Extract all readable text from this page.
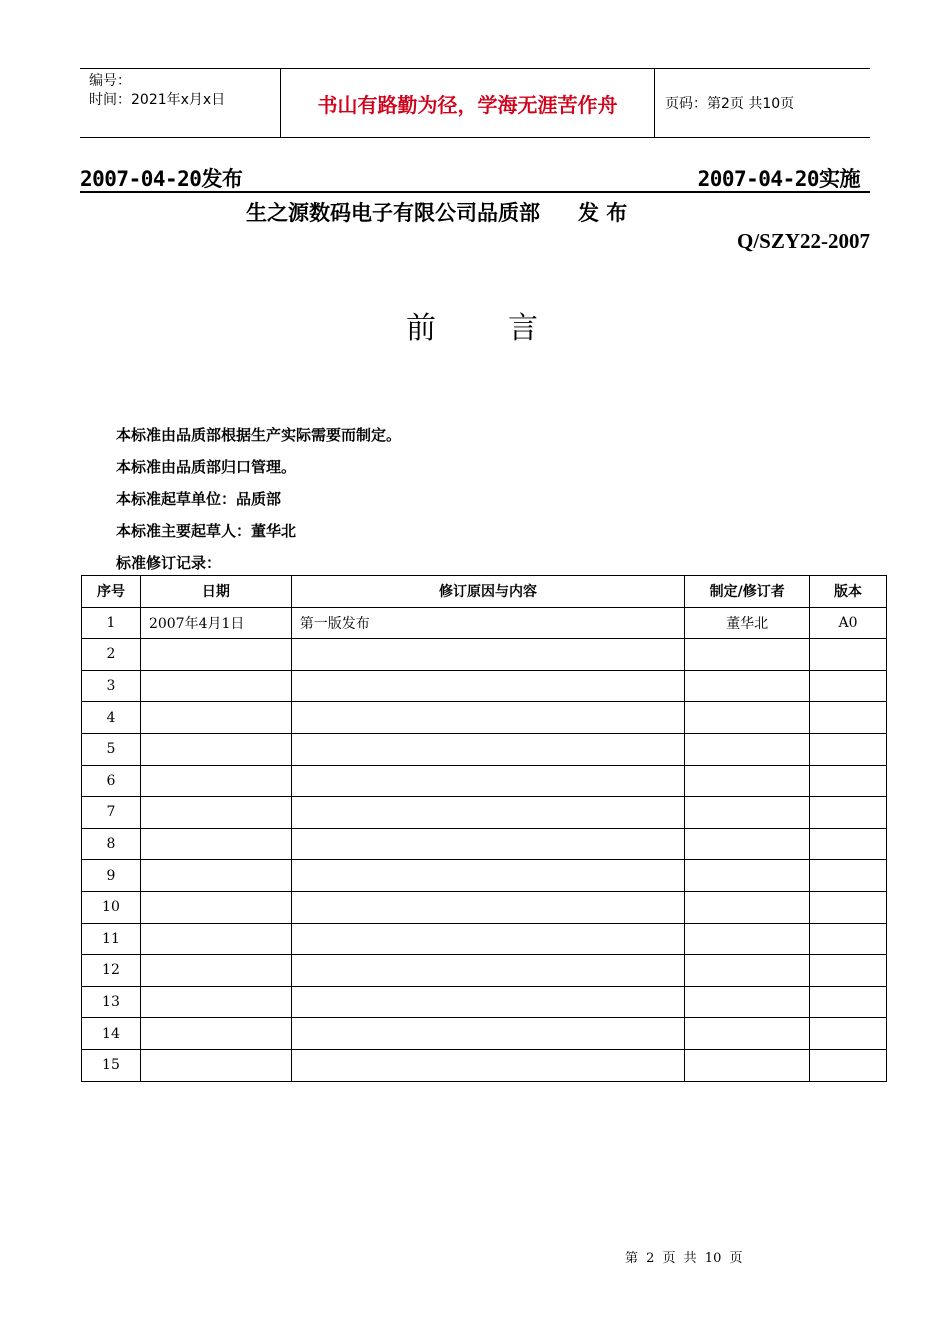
编号：
时间：2021年x月x日	书山有路勤为径，学海无涯苦作舟	页码：第2页 共10页
2007-04-20发布	2007-04-20实施
生之源数码电子有限公司品质部 发 布
Q/SZY22-2007
前言
本标准由品质部根据生产实际需要而制定。
本标准由品质部归口管理。
本标准起草单位：品质部
本标准主要起草人：董华北
标准修订记录：
序号	日期	修订原因与内容	制定/修订者	版本
1	2007年4月1日	第一版发布	董华北	A0
2				
3				
4				
5				
6				
7				
8				
9				
10				
11				
12				
13				
14				
15				
第 2 页 共 10 页
